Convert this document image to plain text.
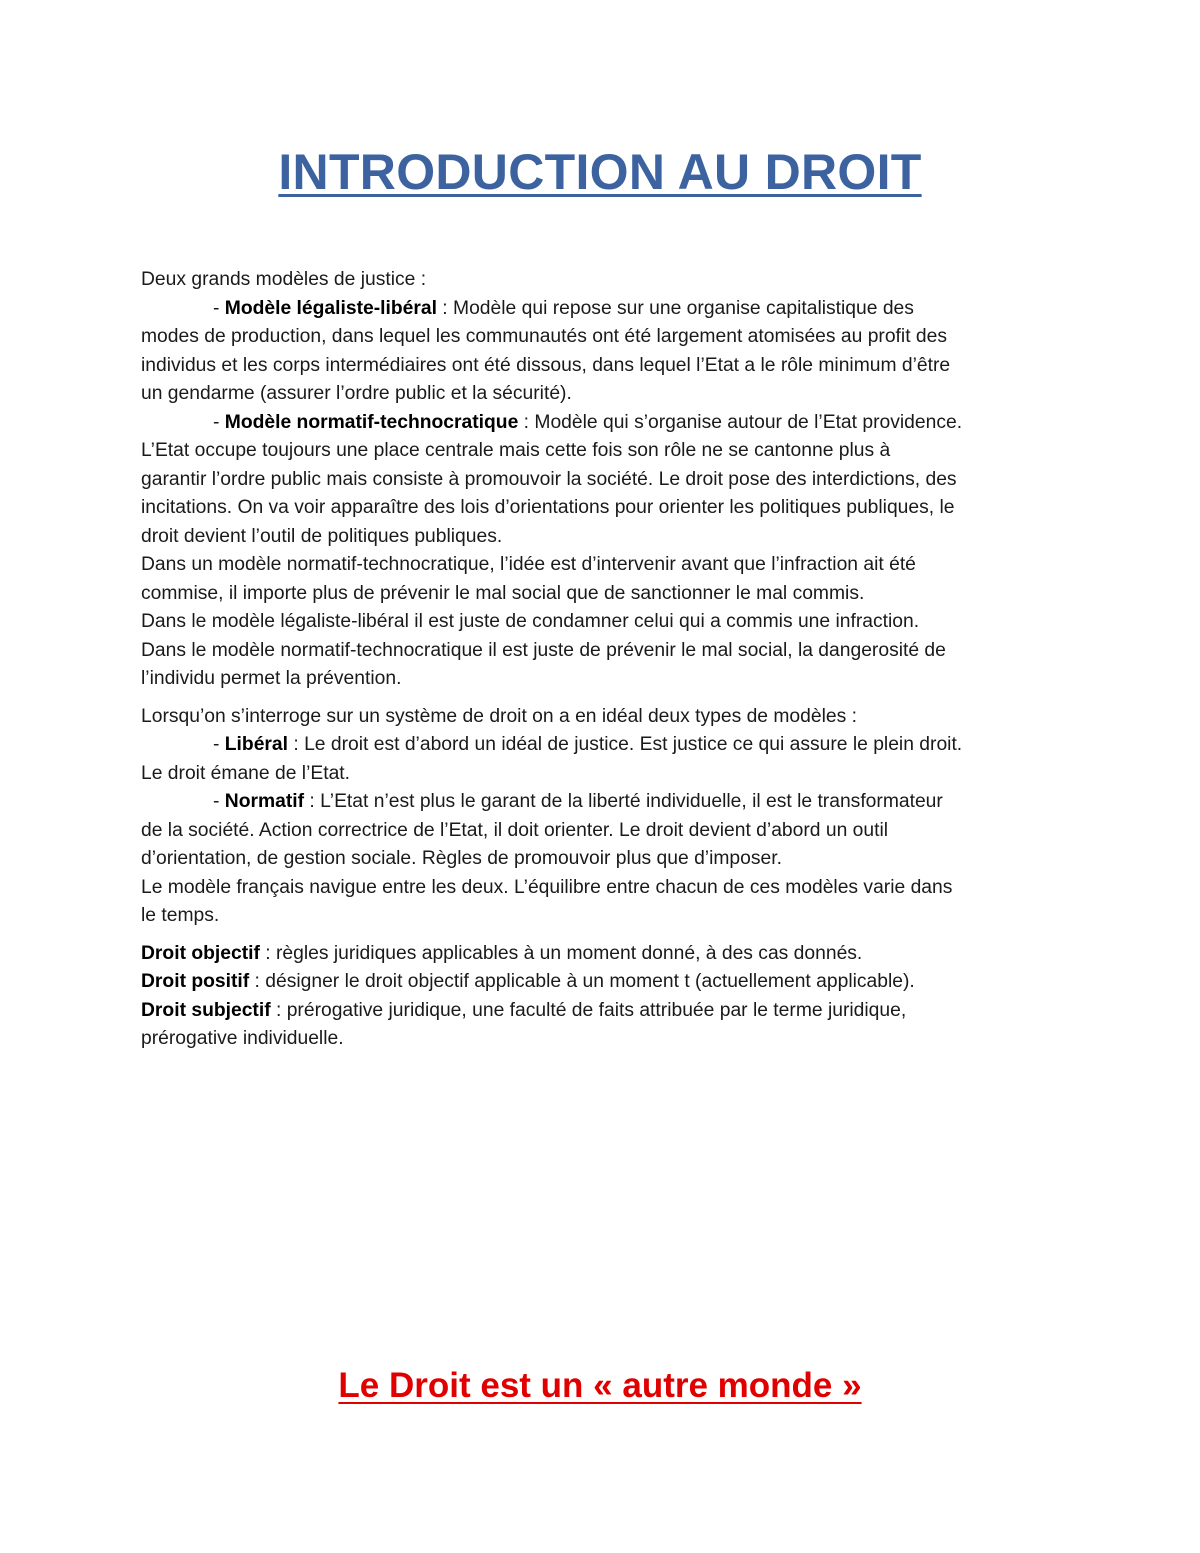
INTRODUCTION AU DROIT

Deux grands modèles de justice :

- Modèle légaliste-libéral : Modèle qui repose sur une organise capitalistique des

modes de production, dans lequel les communautés ont été largement atomisées au profit des

individus et les corps intermédiaires ont été dissous, dans lequel l’Etat a le rôle minimum d’être

un gendarme (assurer l’ordre public et la sécurité).

- Modèle normatif-technocratique : Modèle qui s’organise autour de l’Etat providence.

L’Etat occupe toujours une place centrale mais cette fois son rôle ne se cantonne plus à

garantir l’ordre public mais consiste à promouvoir la société. Le droit pose des interdictions, des

incitations. On va voir apparaître des lois d’orientations pour orienter les politiques publiques, le

droit devient l’outil de politiques publiques.

Dans un modèle normatif-technocratique, l’idée est d’intervenir avant que l’infraction ait été

commise, il importe plus de prévenir le mal social que de sanctionner le mal commis.

Dans le modèle légaliste-libéral il est juste de condamner celui qui a commis une infraction.

Dans le modèle normatif-technocratique il est juste de prévenir le mal social, la dangerosité de

l’individu permet la prévention.

Lorsqu’on s’interroge sur un système de droit on a en idéal deux types de modèles :

- Libéral : Le droit est d’abord un idéal de justice. Est justice ce qui assure le plein droit.

Le droit émane de l’Etat.

- Normatif : L’Etat n’est plus le garant de la liberté individuelle, il est le transformateur

de la société. Action correctrice de l’Etat, il doit orienter. Le droit devient d’abord un outil

d’orientation, de gestion sociale. Règles de promouvoir plus que d’imposer.

Le modèle français navigue entre les deux. L’équilibre entre chacun de ces modèles varie dans

le temps.

Droit objectif : règles juridiques applicables à un moment donné, à des cas donnés.

Droit positif : désigner le droit objectif applicable à un moment t (actuellement applicable).

Droit subjectif : prérogative juridique, une faculté de faits attribuée par le terme juridique,

prérogative individuelle.

Le Droit est un « autre monde »
